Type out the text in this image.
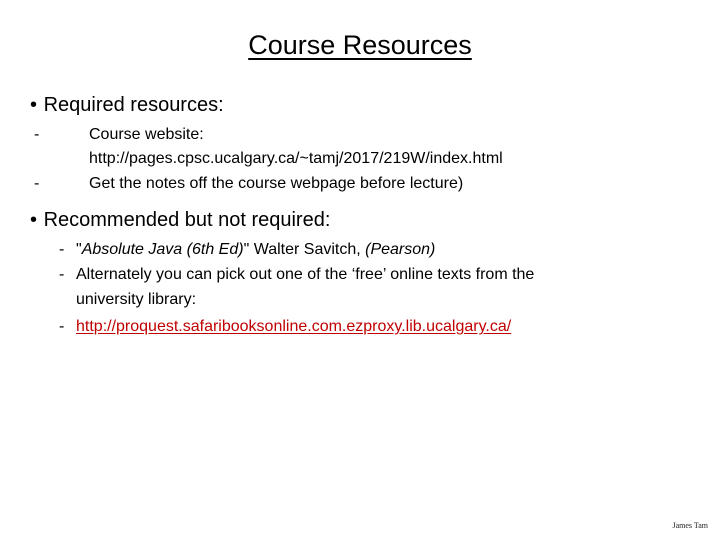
Course Resources
• Required resources:
-	Course website:
http://pages.cpsc.ucalgary.ca/~tamj/2017/219W/index.html
-	Get the notes off the course webpage before lecture)
• Recommended but not required:
- "Absolute Java (6th Ed)" Walter Savitch, (Pearson)
- Alternately you can pick out one of the ‘free’ online texts from the
university library:
- http://proquest.safaribooksonline.com.ezproxy.lib.ucalgary.ca/
James Tam
